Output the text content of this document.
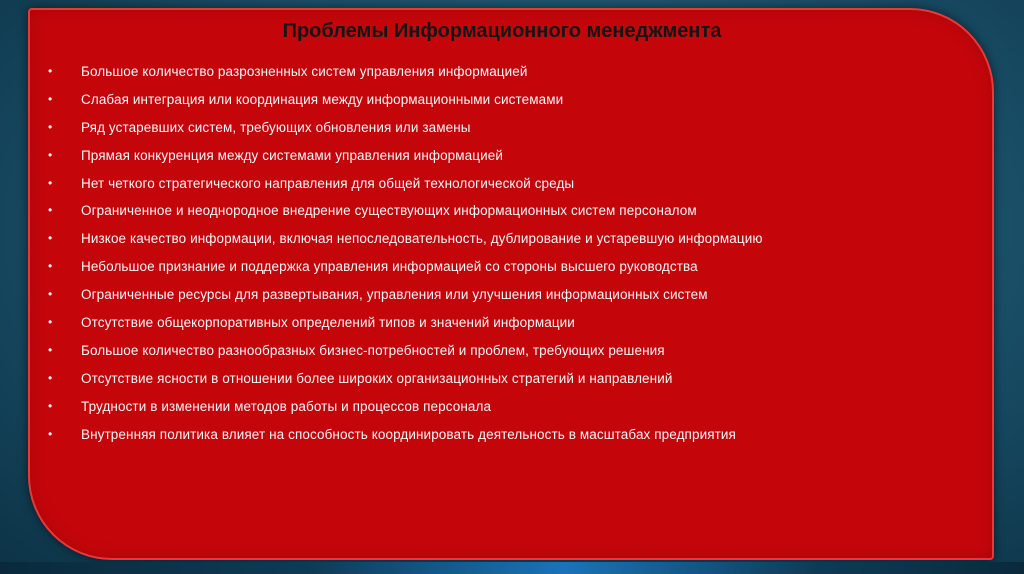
Проблемы Информационного менеджмента
•	Большое количество разрозненных систем управления информацией
•	Слабая интеграция или координация между информационными системами
•	Ряд устаревших систем, требующих обновления или замены
•	Прямая конкуренция между системами управления информацией
•	Нет четкого стратегического направления для общей технологической среды
•	Ограниченное и неоднородное внедрение существующих информационных систем персоналом
•	Низкое качество информации, включая непоследовательность, дублирование и устаревшую информацию
•	Небольшое признание и поддержка управления информацией со стороны высшего руководства
•	Ограниченные ресурсы для развертывания, управления или улучшения информационных систем
•	Отсутствие общекорпоративных определений типов и значений информации
•	Большое количество разнообразных бизнес-потребностей и проблем, требующих решения
•	Отсутствие ясности в отношении более широких организационных стратегий и направлений
•	Трудности в изменении методов работы и процессов персонала
•	Внутренняя политика влияет на способность координировать деятельность в масштабах предприятия
